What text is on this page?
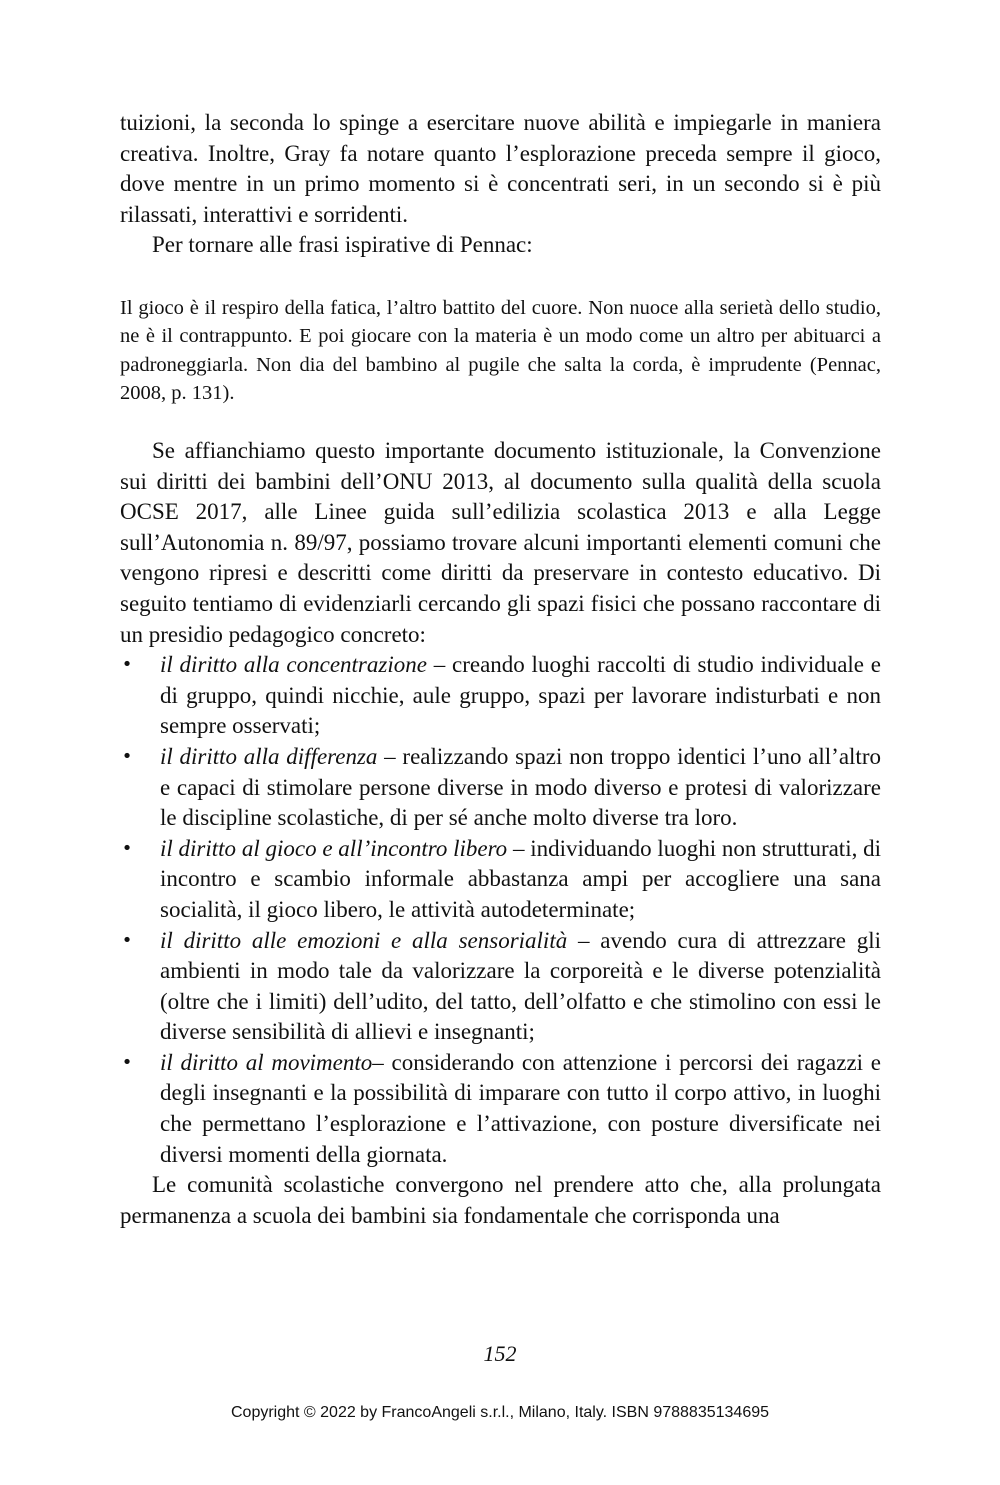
tuizioni, la seconda lo spinge a esercitare nuove abilità e impiegarle in maniera creativa. Inoltre, Gray fa notare quanto l’esplorazione preceda sempre il gioco, dove mentre in un primo momento si è concentrati seri, in un secondo si è più rilassati, interattivi e sorridenti.

Per tornare alle frasi ispirative di Pennac:

Il gioco è il respiro della fatica, l’altro battito del cuore. Non nuoce alla serietà dello studio, ne è il contrappunto. E poi giocare con la materia è un modo come un altro per abituarci a padroneggiarla. Non dia del bambino al pugile che salta la corda, è imprudente (Pennac, 2008, p. 131).

Se affianchiamo questo importante documento istituzionale, la Convenzione sui diritti dei bambini dell’ONU 2013, al documento sulla qualità della scuola OCSE 2017, alle Linee guida sull’edilizia scolastica 2013 e alla Legge sull’Autonomia n. 89/97, possiamo trovare alcuni importanti elementi comuni che vengono ripresi e descritti come diritti da preservare in contesto educativo. Di seguito tentiamo di evidenziarli cercando gli spazi fisici che possano raccontare di un presidio pedagogico concreto:

• il diritto alla concentrazione – creando luoghi raccolti di studio individuale e di gruppo, quindi nicchie, aule gruppo, spazi per lavorare indisturbati e non sempre osservati;
• il diritto alla differenza – realizzando spazi non troppo identici l’uno all’altro e capaci di stimolare persone diverse in modo diverso e protesi di valorizzare le discipline scolastiche, di per sé anche molto diverse tra loro.
• il diritto al gioco e all’incontro libero – individuando luoghi non strutturati, di incontro e scambio informale abbastanza ampi per accogliere una sana socialità, il gioco libero, le attività autodeterminate;
• il diritto alle emozioni e alla sensorialità – avendo cura di attrezzare gli ambienti in modo tale da valorizzare la corporeità e le diverse potenzialità (oltre che i limiti) dell’udito, del tatto, dell’olfatto e che stimolino con essi le diverse sensibilità di allievi e insegnanti;
• il diritto al movimento– considerando con attenzione i percorsi dei ragazzi e degli insegnanti e la possibilità di imparare con tutto il corpo attivo, in luoghi che permettano l’esplorazione e l’attivazione, con posture diversificate nei diversi momenti della giornata.

Le comunità scolastiche convergono nel prendere atto che, alla prolungata permanenza a scuola dei bambini sia fondamentale che corrisponda una

152
Copyright © 2022 by FrancoAngeli s.r.l., Milano, Italy. ISBN 9788835134695
